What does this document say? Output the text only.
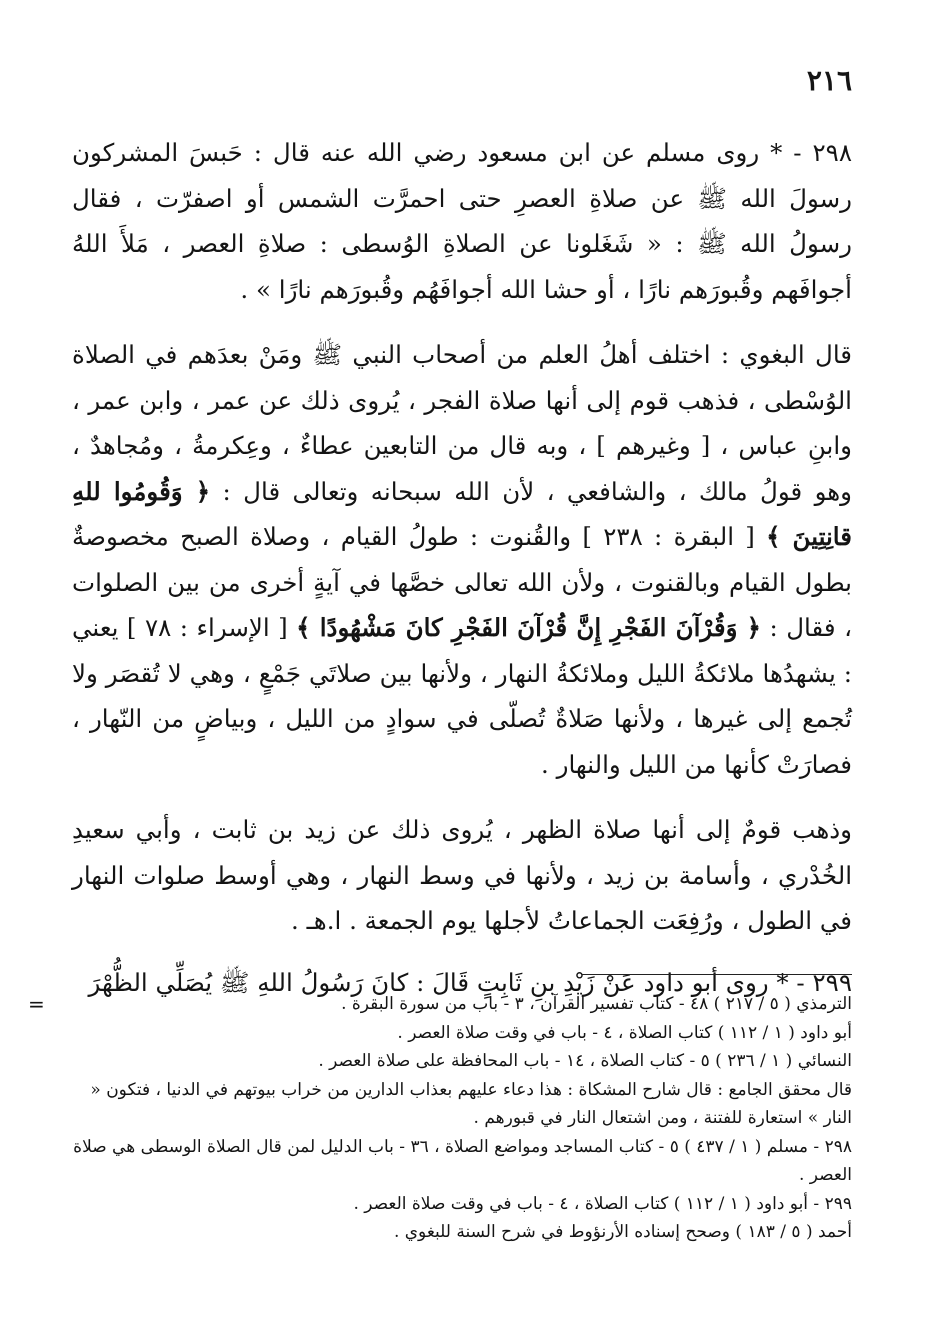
٢١٦

٢٩٨ - * روى مسلم عن ابن مسعود رضي الله عنه قال : حَبسَ المشركون رسولَ الله ﷺ عن صلاةِ العصرِ حتى احمرَّت الشمس أو اصفرّت ، فقال رسولُ الله ﷺ : « شَغَلونا عن الصلاةِ الوُسطى : صلاةِ العصر ، مَلأَ اللهُ أجوافَهم وقُبورَهم نارًا ، أو حشا الله أجوافَهُم وقُبورَهم نارًا » .

قال البغوي : اختلف أهلُ العلم من أصحاب النبي ﷺ ومَنْ بعدَهم في الصلاة الوُسْطى ، فذهب قوم إلى أنها صلاة الفجر ، يُروى ذلك عن عمر ، وابن عمر ، وابنِ عباس ، [ وغيرهم ] ، وبه قال من التابعين عطاءٌ ، وعِكرمةُ ، ومُجاهدٌ ، وهو قولُ مالك ، والشافعي ، لأن الله سبحانه وتعالى قال : ﴿ وَقُومُوا للهِ قانِتِينَ ﴾ [ البقرة : ٢٣٨ ] والقُنوت : طولُ القيام ، وصلاة الصبح مخصوصةٌ بطول القيام وبالقنوت ، ولأن الله تعالى خصَّها في آيةٍ أخرى من بين الصلوات ، فقال : ﴿ وَقُرْآنَ الفَجْرِ إِنَّ قُرْآنَ الفَجْرِ كانَ مَشْهُودًا ﴾ [ الإسراء : ٧٨ ] يعني : يشهدُها ملائكةُ الليل وملائكةُ النهار ، ولأنها بين صلاتَي جَمْعٍ ، وهي لا تُقصَر ولا تُجمع إلى غيرها ، ولأنها صَلاةٌ تُصلّى في سوادٍ من الليل ، وبياضٍ من النّهار ، فصارَتْ كأنها من الليل والنهار .

وذهب قومٌ إلى أنها صلاة الظهر ، يُروى ذلك عن زيد بن ثابت ، وأبي سعيدِ الخُدْري ، وأسامة بن زيد ، ولأنها في وسط النهار ، وهي أوسط صلوات النهار في الطول ، ورُفِعَت الجماعاتُ لأجلها يوم الجمعة . ا.هـ .

٢٩٩ - * روى أبو داود عَنْ زَيْدِ بنِ ثَابِتٍ قَالَ : كانَ رَسُولُ اللهِ ﷺ يُصَلِّي الظُّهْرَ

=	الترمذي ( ٥ / ٢١٧ ) ٤٨ - كتاب تفسير القرآن ، ٣ - باب من سورة البقرة .

أبو داود ( ١ / ١١٢ ) كتاب الصلاة ، ٤ - باب في وقت صلاة العصر .

النسائي ( ١ / ٢٣٦ ) ٥ - كتاب الصلاة ، ١٤ - باب المحافظة على صلاة العصر .

قال محقق الجامع : قال شارح المشكاة : هذا دعاء عليهم بعذاب الدارين من خراب بيوتهم في الدنيا ، فتكون « النار » استعارة للفتنة ، ومن اشتعال النار في قبورهم .

٢٩٨ - مسلم ( ١ / ٤٣٧ ) ٥ - كتاب المساجد ومواضع الصلاة ، ٣٦ - باب الدليل لمن قال الصلاة الوسطى هي صلاة العصر .

٢٩٩ - أبو داود ( ١ / ١١٢ ) كتاب الصلاة ، ٤ - باب في وقت صلاة العصر .

أحمد ( ٥ / ١٨٣ ) وصحح إسناده الأرنؤوط في شرح السنة للبغوي .
